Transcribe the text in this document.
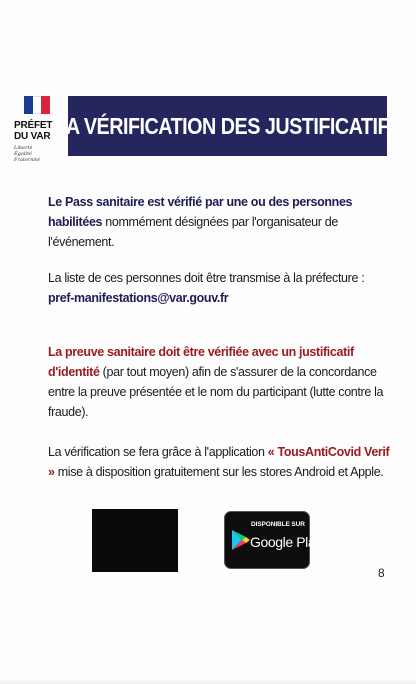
PRÉFET
DU VAR
Liberté
Égalité
Fraternité
LA VÉRIFICATION DES JUSTIFICATIFS
Le Pass sanitaire est vérifié par une ou des personnes habilitées nommément désignées par l'organisateur de l'événement.
La liste de ces personnes doit être transmise à la préfecture :
pref-manifestations@var.gouv.fr
La preuve sanitaire doit être vérifiée avec un justificatif d'identité (par tout moyen) afin de s'assurer de la concordance entre la preuve présentée et le nom du participant (lutte contre la fraude).
La vérification se fera grâce à l'application « TousAntiCovid Verif » mise à disposition gratuitement sur les stores Android et Apple.
DISPONIBLE SUR
Google Play
8
